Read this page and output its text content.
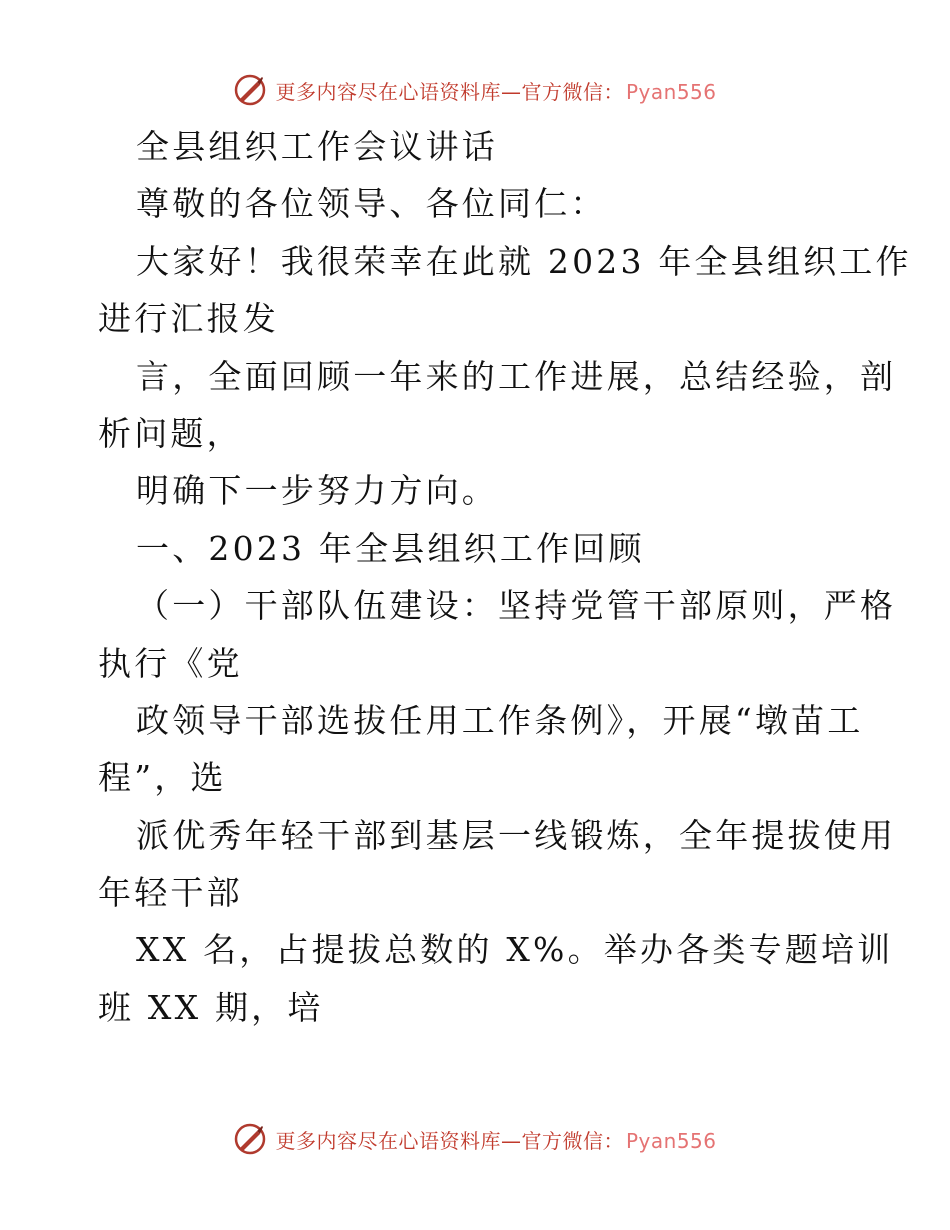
更多内容尽在心语资料库—官方微信： Pyan556
全县组织工作会议讲话
尊敬的各位领导、各位同仁：
大家好！我很荣幸在此就 2023 年全县组织工作
进行汇报发
言，全面回顾一年来的工作进展，总结经验，剖
析问题，
明确下一步努力方向。
一、2023 年全县组织工作回顾
（一）干部队伍建设：坚持党管干部原则，严格
执行《党
政领导干部选拔任用工作条例》，开展“墩苗工
程”，选
派优秀年轻干部到基层一线锻炼，全年提拔使用
年轻干部
XX 名，占提拔总数的 X%。举办各类专题培训
班 XX 期，培
更多内容尽在心语资料库—官方微信： Pyan556
